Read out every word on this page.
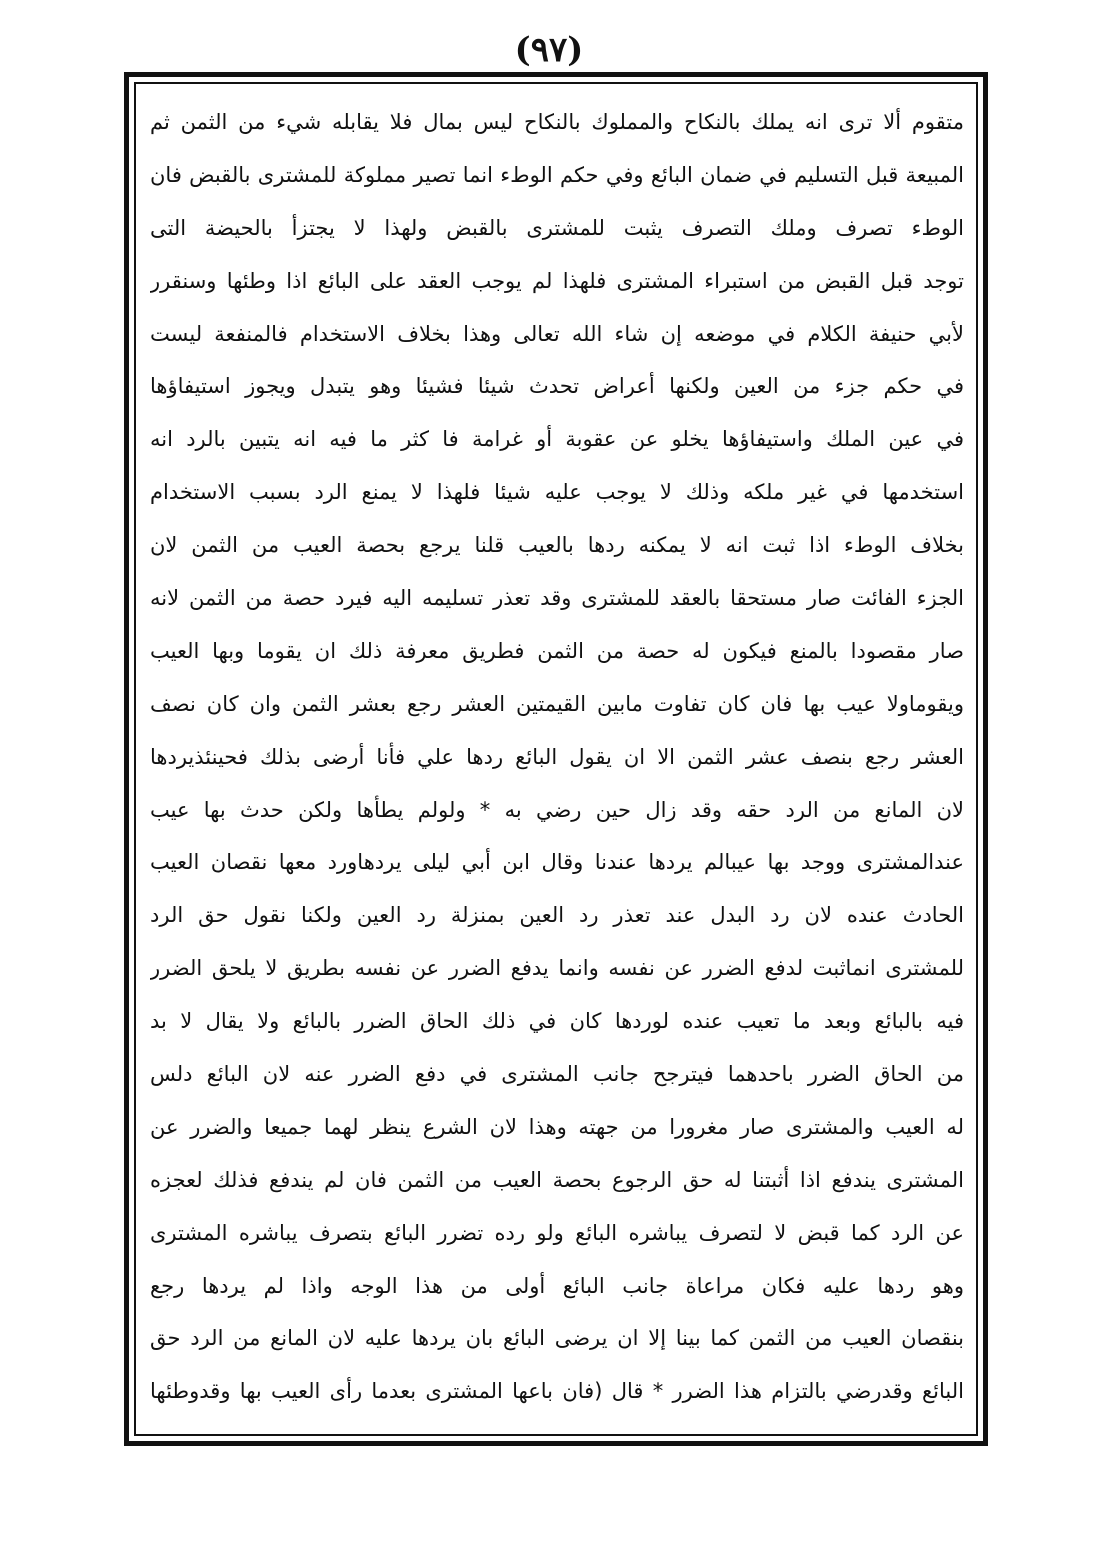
(٩٧)
متقوم ألا ترى انه يملك بالنكاح والمملوك بالنكاح ليس بمال فلا يقابله شيء من الثمن ثم
المبيعة قبل التسليم في ضمان البائع وفي حكم الوطء انما تصير مملوكة للمشترى بالقبض فان
الوطء تصرف وملك التصرف يثبت للمشترى بالقبض ولهذا لا يجتزأ بالحيضة التى
توجد قبل القبض من استبراء المشترى فلهذا لم يوجب العقد على البائع اذا وطئها وسنقرر
لأبي حنيفة الكلام في موضعه إن شاء الله تعالى وهذا بخلاف الاستخدام فالمنفعة ليست
في حكم جزء من العين ولكنها أعراض تحدث شيئا فشيئا وهو يتبدل ويجوز استيفاؤها
في عين الملك واستيفاؤها يخلو عن عقوبة أو غرامة فا كثر ما فيه انه يتبين بالرد انه
استخدمها في غير ملكه وذلك لا يوجب عليه شيئا فلهذا لا يمنع الرد بسبب الاستخدام
بخلاف الوطء اذا ثبت انه لا يمكنه ردها بالعيب قلنا يرجع بحصة العيب من الثمن لان
الجزء الفائت صار مستحقا بالعقد للمشترى وقد تعذر تسليمه اليه فيرد حصة من الثمن لانه
صار مقصودا بالمنع فيكون له حصة من الثمن فطريق معرفة ذلك ان يقوما وبها العيب
ويقوماولا عيب بها فان كان تفاوت مابين القيمتين العشر رجع بعشر الثمن وان كان نصف
العشر رجع بنصف عشر الثمن الا ان يقول البائع ردها علي فأنا أرضى بذلك فحينئذيردها
لان المانع من الرد حقه وقد زال حين رضي به * ولولم يطأها ولكن حدث بها عيب
عندالمشترى ووجد بها عيبالم يردها عندنا وقال ابن أبي ليلى يردهاورد معها نقصان العيب
الحادث عنده لان رد البدل عند تعذر رد العين بمنزلة رد العين ولكنا نقول حق الرد
للمشترى انماثبت لدفع الضرر عن نفسه وانما يدفع الضرر عن نفسه بطريق لا يلحق الضرر
فيه بالبائع وبعد ما تعيب عنده لوردها كان في ذلك الحاق الضرر بالبائع ولا يقال لا بد
من الحاق الضرر باحدهما فيترجح جانب المشترى في دفع الضرر عنه لان البائع دلس
له العيب والمشترى صار مغرورا من جهته وهذا لان الشرع ينظر لهما جميعا والضرر عن
المشترى يندفع اذا أثبتنا له حق الرجوع بحصة العيب من الثمن فان لم يندفع فذلك لعجزه
عن الرد كما قبض لا لتصرف يباشره البائع ولو رده تضرر البائع بتصرف يباشره المشترى
وهو ردها عليه فكان مراعاة جانب البائع أولى من هذا الوجه واذا لم يردها رجع
بنقصان العيب من الثمن كما بينا إلا ان يرضى البائع بان يردها عليه لان المانع من الرد حق
البائع وقدرضي بالتزام هذا الضرر * قال (فان باعها المشترى بعدما رأى العيب بها وقدوطئها
